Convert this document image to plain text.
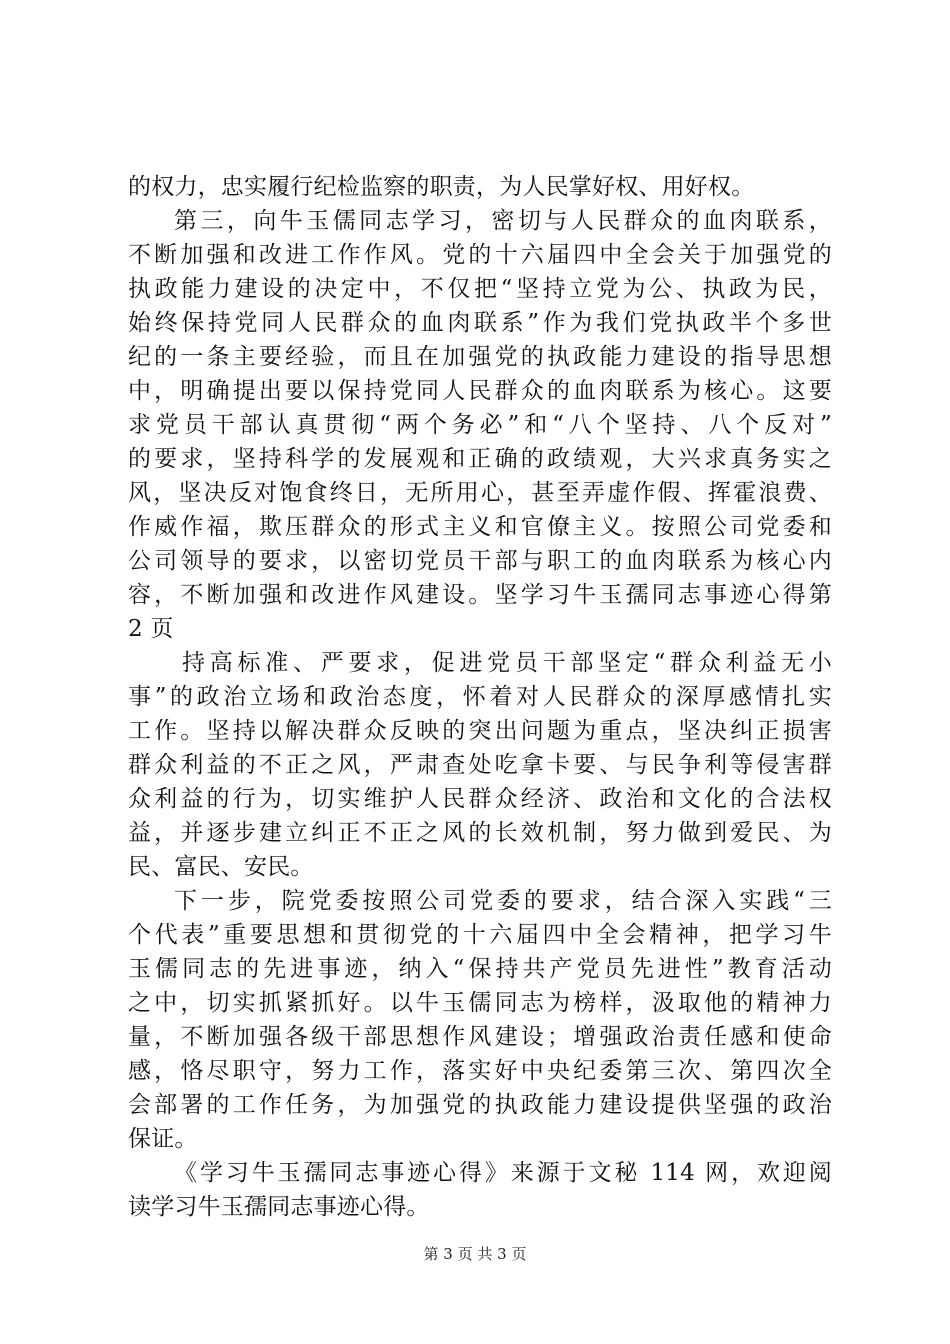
的权力，忠实履行纪检监察的职责，为人民掌好权、用好权。
第三，向牛玉儒同志学习，密切与人民群众的血肉联系，
不断加强和改进工作作风。党的十六届四中全会关于加强党的
执政能力建设的决定中，不仅把“坚持立党为公、执政为民，
始终保持党同人民群众的血肉联系”作为我们党执政半个多世
纪的一条主要经验，而且在加强党的执政能力建设的指导思想
中，明确提出要以保持党同人民群众的血肉联系为核心。这要
求党员干部认真贯彻“两个务必”和“八个坚持、八个反对”
的要求，坚持科学的发展观和正确的政绩观，大兴求真务实之
风，坚决反对饱食终日，无所用心，甚至弄虚作假、挥霍浪费、
作威作福，欺压群众的形式主义和官僚主义。按照公司党委和
公司领导的要求，以密切党员干部与职工的血肉联系为核心内
容，不断加强和改进作风建设。坚学习牛玉孺同志事迹心得第
2 页
持高标准、严要求，促进党员干部坚定“群众利益无小
事”的政治立场和政治态度，怀着对人民群众的深厚感情扎实
工作。坚持以解决群众反映的突出问题为重点，坚决纠正损害
群众利益的不正之风，严肃查处吃拿卡要、与民争利等侵害群
众利益的行为，切实维护人民群众经济、政治和文化的合法权
益，并逐步建立纠正不正之风的长效机制，努力做到爱民、为
民、富民、安民。
下一步，院党委按照公司党委的要求，结合深入实践“三
个代表”重要思想和贯彻党的十六届四中全会精神，把学习牛
玉儒同志的先进事迹，纳入“保持共产党员先进性”教育活动
之中，切实抓紧抓好。以牛玉儒同志为榜样，汲取他的精神力
量，不断加强各级干部思想作风建设；增强政治责任感和使命
感，恪尽职守，努力工作，落实好中央纪委第三次、第四次全
会部署的工作任务，为加强党的执政能力建设提供坚强的政治
保证。
《学习牛玉孺同志事迹心得》来源于文秘 114 网，欢迎阅
读学习牛玉孺同志事迹心得。
第 3 页 共 3 页
